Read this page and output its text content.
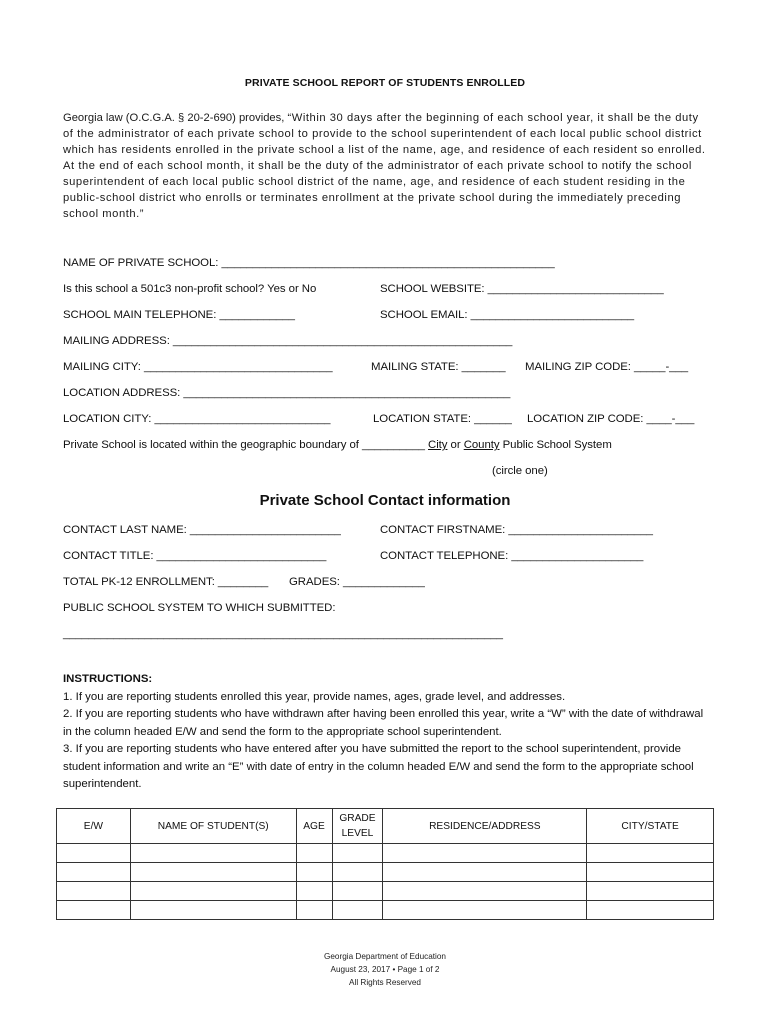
PRIVATE SCHOOL REPORT OF STUDENTS ENROLLED
Georgia law (O.C.G.A. § 20-2-690) provides, “Within 30 days after the beginning of each school year, it shall be the duty of the administrator of each private school to provide to the school superintendent of each local public school district which has residents enrolled in the private school a list of the name, age, and residence of each resident so enrolled. At the end of each school month, it shall be the duty of the administrator of each private school to notify the school superintendent of each local public school district of the name, age, and residence of each student residing in the public-school district who enrolls or terminates enrollment at the private school during the immediately preceding school month.”
NAME OF PRIVATE SCHOOL: _____________________________________________________
Is this school a 501c3 non-profit school? Yes or No	SCHOOL WEBSITE: ____________________________
SCHOOL MAIN TELEPHONE: ____________	SCHOOL EMAIL: __________________________
MAILING ADDRESS: ______________________________________________________
MAILING CITY: ______________________________	MAILING STATE: _______ MAILING ZIP CODE: _____-___
LOCATION ADDRESS: ____________________________________________________
LOCATION CITY: ____________________________	LOCATION STATE: ______ LOCATION ZIP CODE: ____-___
Private School is located within the geographic boundary of __________ City or County Public School System
(circle one)
Private School Contact information
CONTACT LAST NAME: ________________________	CONTACT FIRSTNAME: _______________________
CONTACT TITLE: ___________________________	CONTACT TELEPHONE: _____________________
TOTAL PK-12 ENROLLMENT: ________ GRADES: _____________
PUBLIC SCHOOL SYSTEM TO WHICH SUBMITTED:
______________________________________________________________________
INSTRUCTIONS:
1. If you are reporting students enrolled this year, provide names, ages, grade level, and addresses.
2. If you are reporting students who have withdrawn after having been enrolled this year, write a “W” with the date of withdrawal in the column headed E/W and send the form to the appropriate school superintendent.
3. If you are reporting students who have entered after you have submitted the report to the school superintendent, provide student information and write an “E” with date of entry in the column headed E/W and send the form to the appropriate school superintendent.
E/W	NAME OF STUDENT(S)	AGE	GRADE LEVEL	RESIDENCE/ADDRESS	CITY/STATE

Georgia Department of Education
August 23, 2017 • Page 1 of 2
All Rights Reserved
